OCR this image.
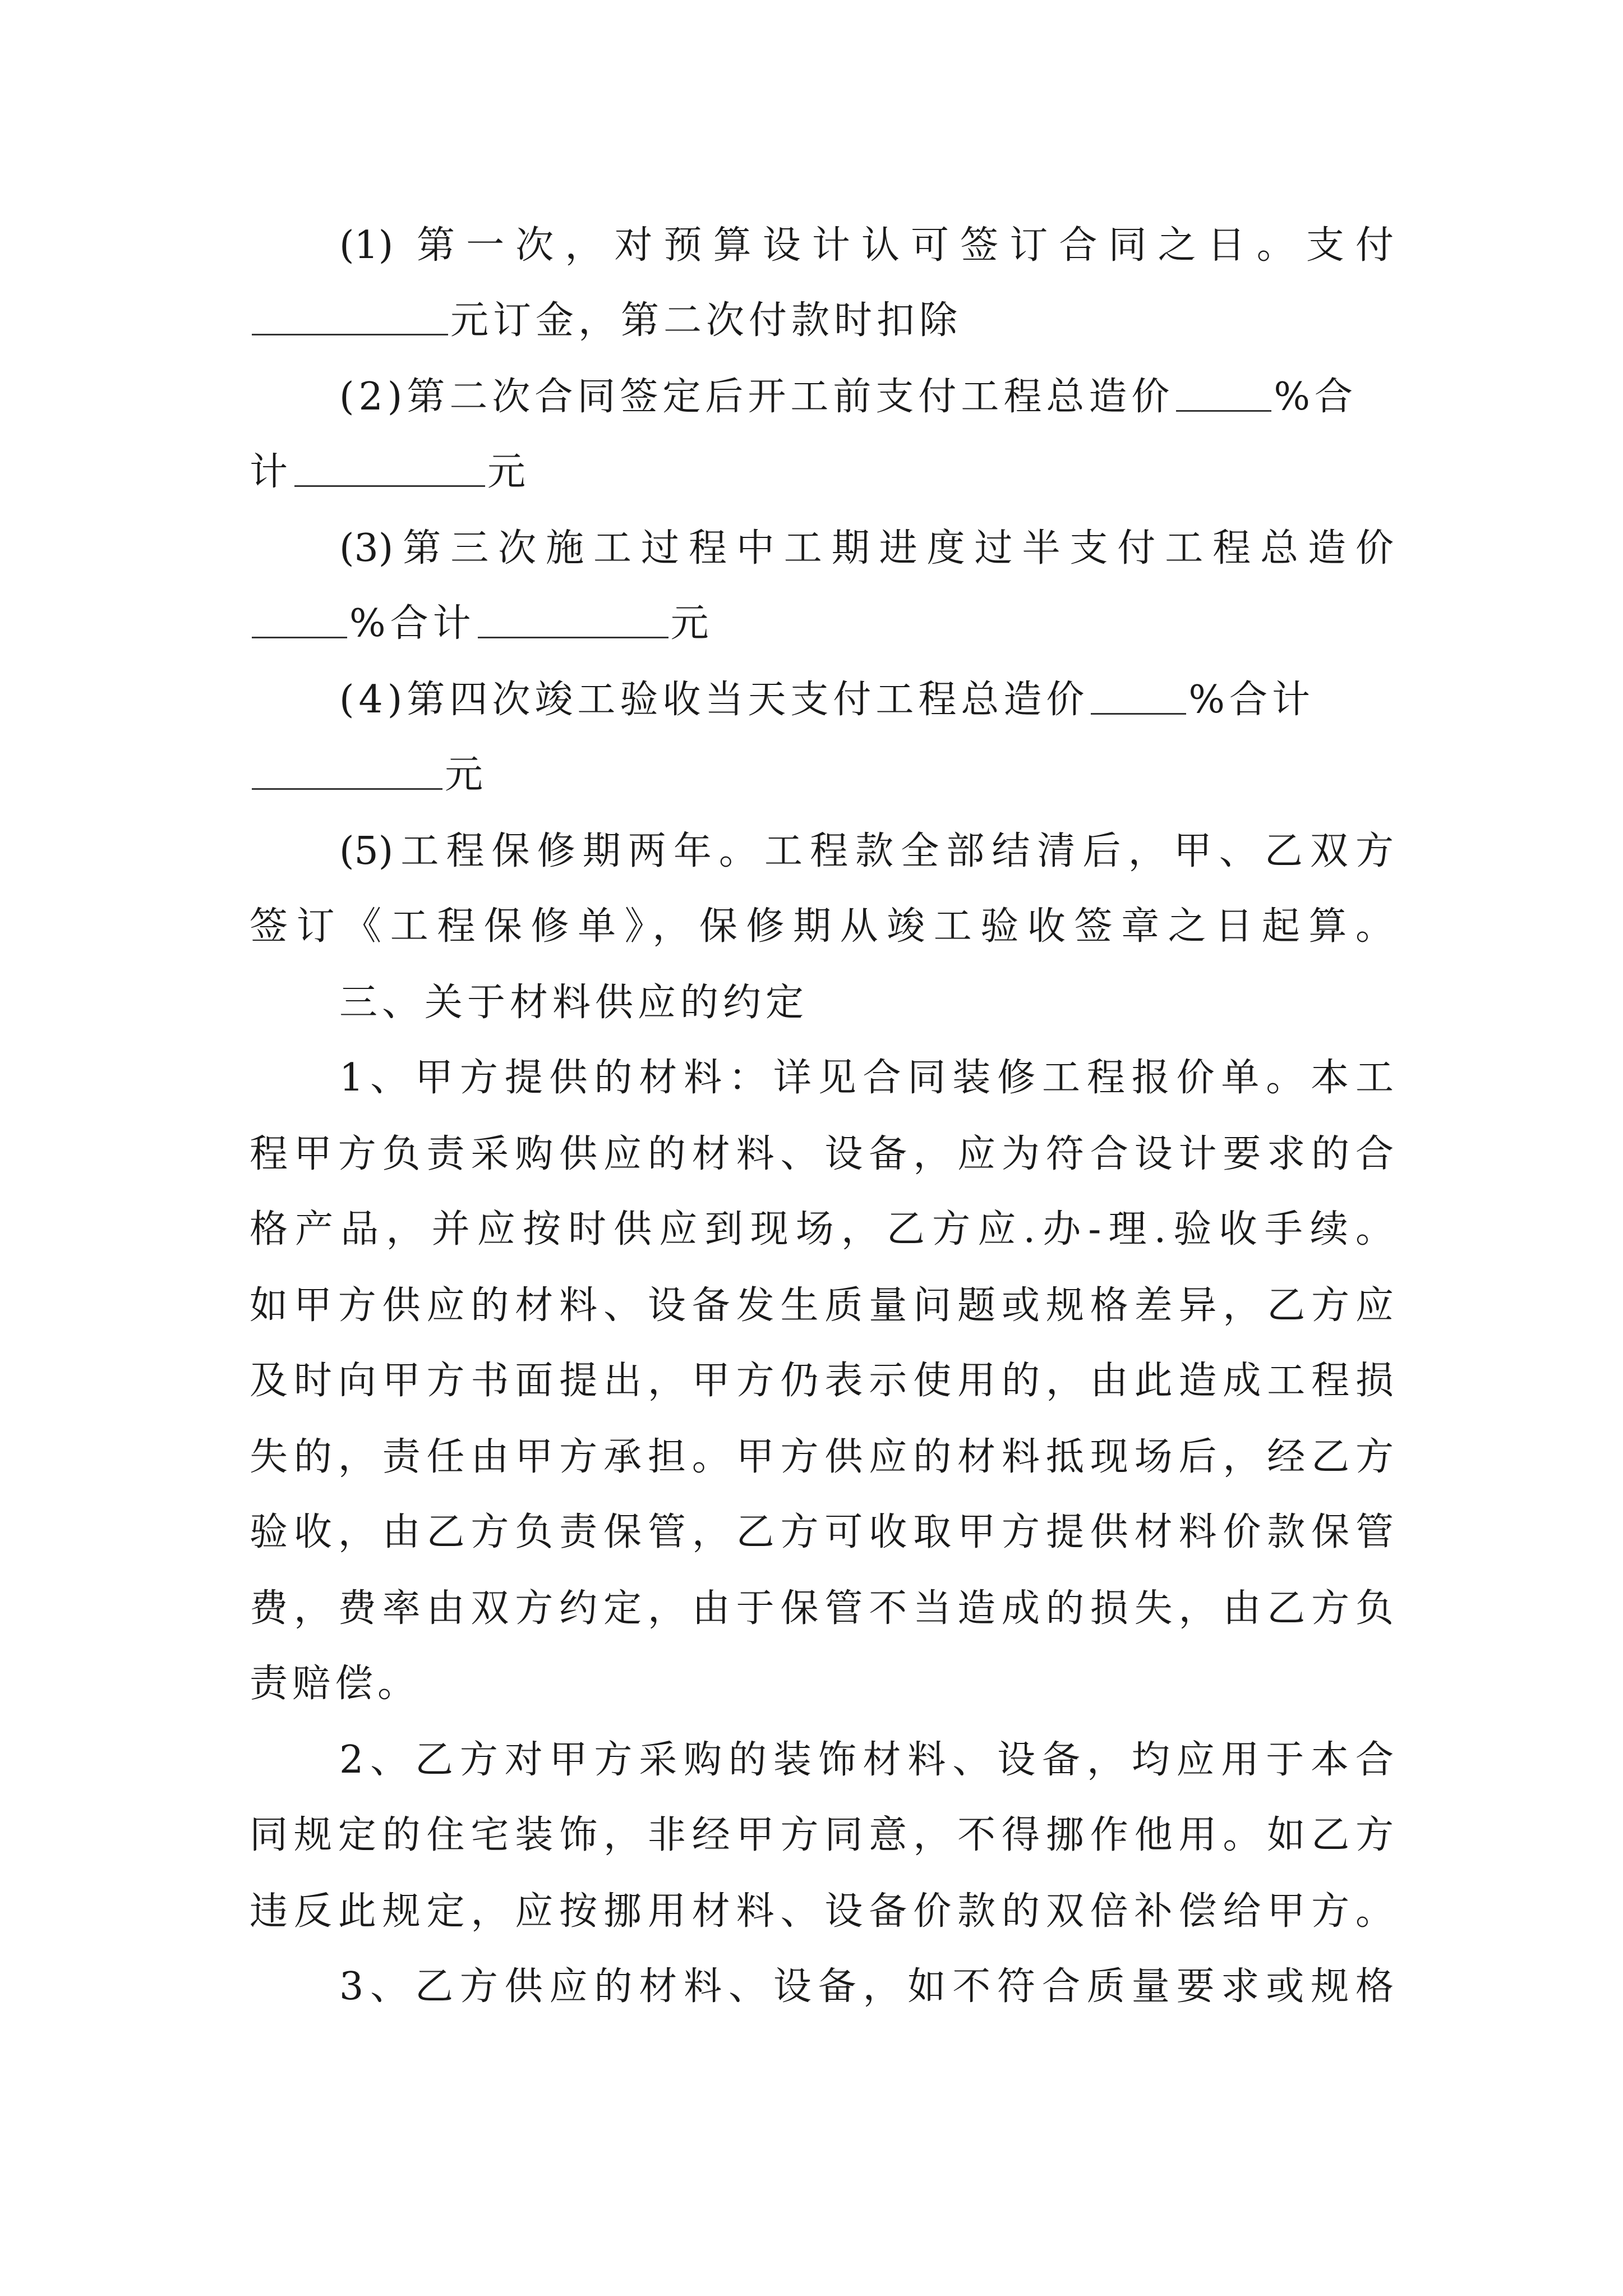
(1) 第一次，对预算设计认可签订合同之日。支付
元订金，第二次付款时扣除
(2)第二次合同签定后开工前支付工程总造价	%合
计	元
(3)第三次施工过程中工期进度过半支付工程总造价
%合计	元
(4)第四次竣工验收当天支付工程总造价	%合计
元
(5)工程保修期两年。工程款全部结清后，甲、乙双方
签订《工程保修单》，保修期从竣工验收签章之日起算。
三、关于材料供应的约定
1、甲方提供的材料：详见合同装修工程报价单。本工
程甲方负责采购供应的材料、设备，应为符合设计要求的合
格产品，并应按时供应到现场，乙方应.办-理.验收手续。
如甲方供应的材料、设备发生质量问题或规格差异，乙方应
及时向甲方书面提出，甲方仍表示使用的，由此造成工程损
失的，责任由甲方承担。甲方供应的材料抵现场后，经乙方
验收，由乙方负责保管，乙方可收取甲方提供材料价款保管
费，费率由双方约定，由于保管不当造成的损失，由乙方负
责赔偿。
2、乙方对甲方采购的装饰材料、设备，均应用于本合
同规定的住宅装饰，非经甲方同意，不得挪作他用。如乙方
违反此规定，应按挪用材料、设备价款的双倍补偿给甲方。
3、乙方供应的材料、设备，如不符合质量要求或规格
